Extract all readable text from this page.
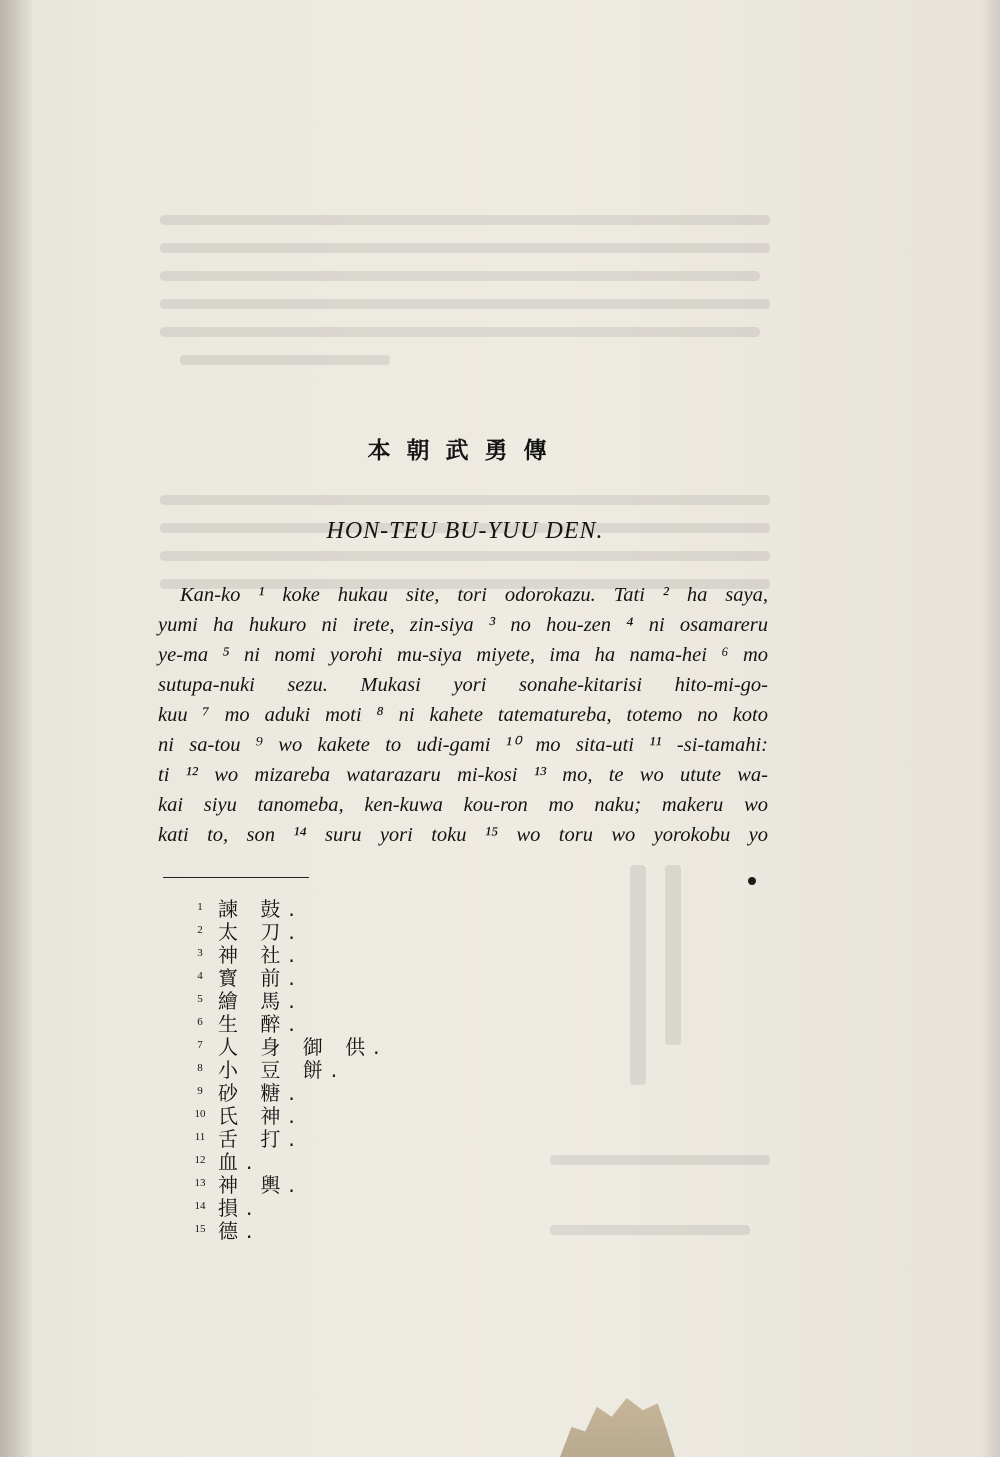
本朝武勇傳
HON-TEU BU-YUU DEN.
Kan-ko ¹ koke hukau site, tori odorokazu. Tati ² ha saya,
yumi ha hukuro ni irete, zin-siya ³ no hou-zen ⁴ ni osamareru
ye-ma ⁵ ni nomi yorohi mu-siya miyete, ima ha nama-hei ⁶ mo
sutupa-nuki sezu. Mukasi yori sonahe-kitarisi hito-mi-go-
kuu ⁷ mo aduki moti ⁸ ni kahete tatematureba, totemo no koto
ni sa-tou ⁹ wo kakete to udi-gami ¹⁰ mo sita-uti ¹¹ -si-tamahi:
ti ¹² wo mizareba watarazaru mi-kosi ¹³ mo, te wo utute wa-
kai siyu tanomeba, ken-kuwa kou-ron mo naku; makeru wo
kati to, son ¹⁴ suru yori toku ¹⁵ wo toru wo yorokobu yo
1 諫 鼓.
2 太 刀.
3 神 社.
4 寳 前.
5 繪 馬.
6 生 醉.
7 人 身 御 供.
8 小 豆 餅.
9 砂 糖.
10 氏 神.
11 舌 打.
12 血.
13 神 輿.
14 損.
15 德.
